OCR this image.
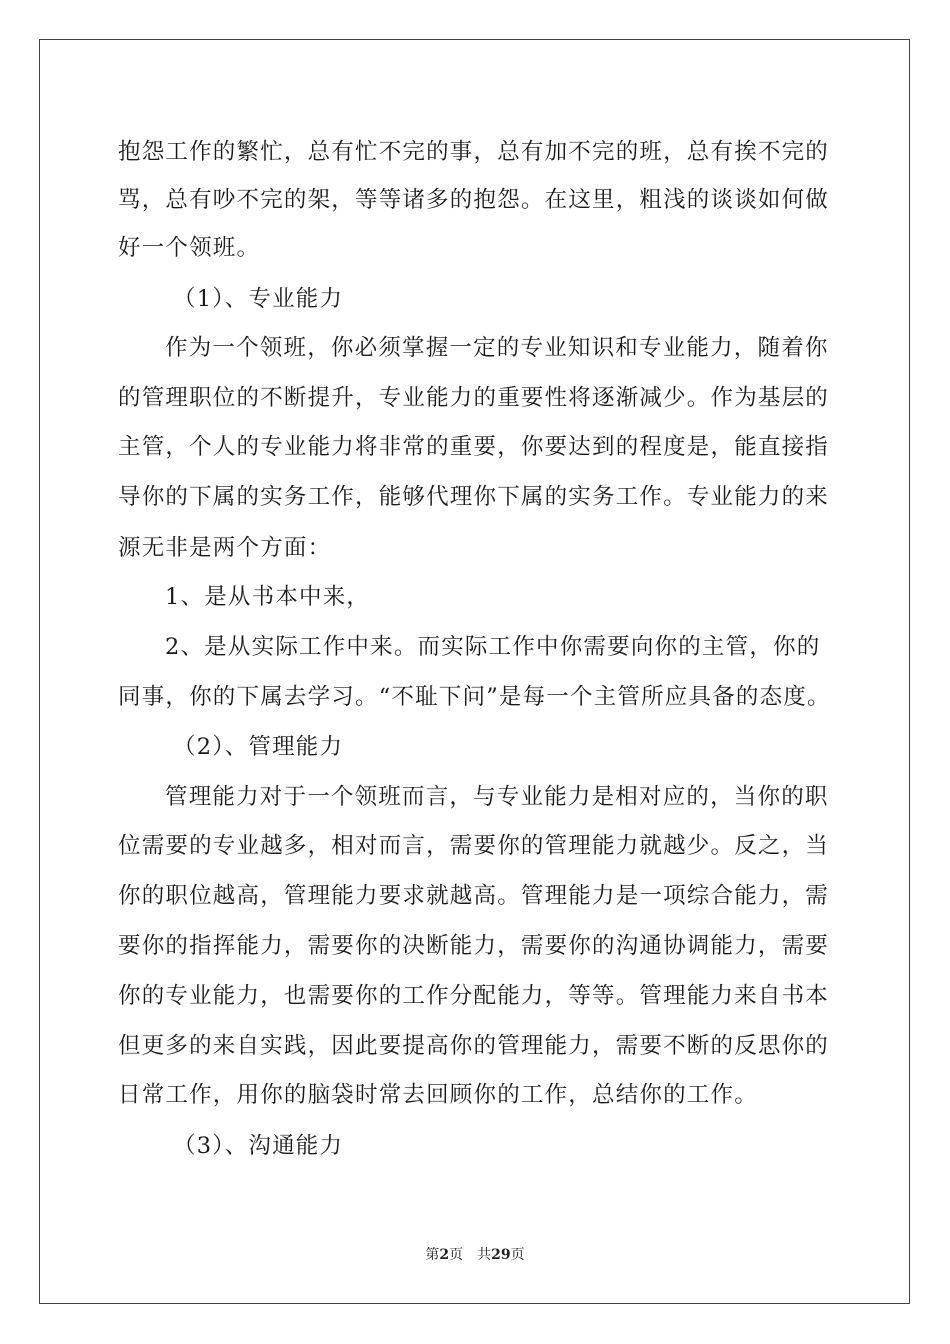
抱怨工作的繁忙，总有忙不完的事，总有加不完的班，总有挨不完的
骂，总有吵不完的架，等等诸多的抱怨。在这里，粗浅的谈谈如何做
好一个领班。
（1）、专业能力
作为一个领班，你必须掌握一定的专业知识和专业能力，随着你
的管理职位的不断提升，专业能力的重要性将逐渐减少。作为基层的
主管，个人的专业能力将非常的重要，你要达到的程度是，能直接指
导你的下属的实务工作，能够代理你下属的实务工作。专业能力的来
源无非是两个方面：
1、是从书本中来，
2、是从实际工作中来。而实际工作中你需要向你的主管，你的
同事，你的下属去学习。“不耻下问”是每一个主管所应具备的态度。
（2）、管理能力
管理能力对于一个领班而言，与专业能力是相对应的，当你的职
位需要的专业越多，相对而言，需要你的管理能力就越少。反之，当
你的职位越高，管理能力要求就越高。管理能力是一项综合能力，需
要你的指挥能力，需要你的决断能力，需要你的沟通协调能力，需要
你的专业能力，也需要你的工作分配能力，等等。管理能力来自书本
但更多的来自实践，因此要提高你的管理能力，需要不断的反思你的
日常工作，用你的脑袋时常去回顾你的工作，总结你的工作。
（3）、沟通能力
第2页 共29页
